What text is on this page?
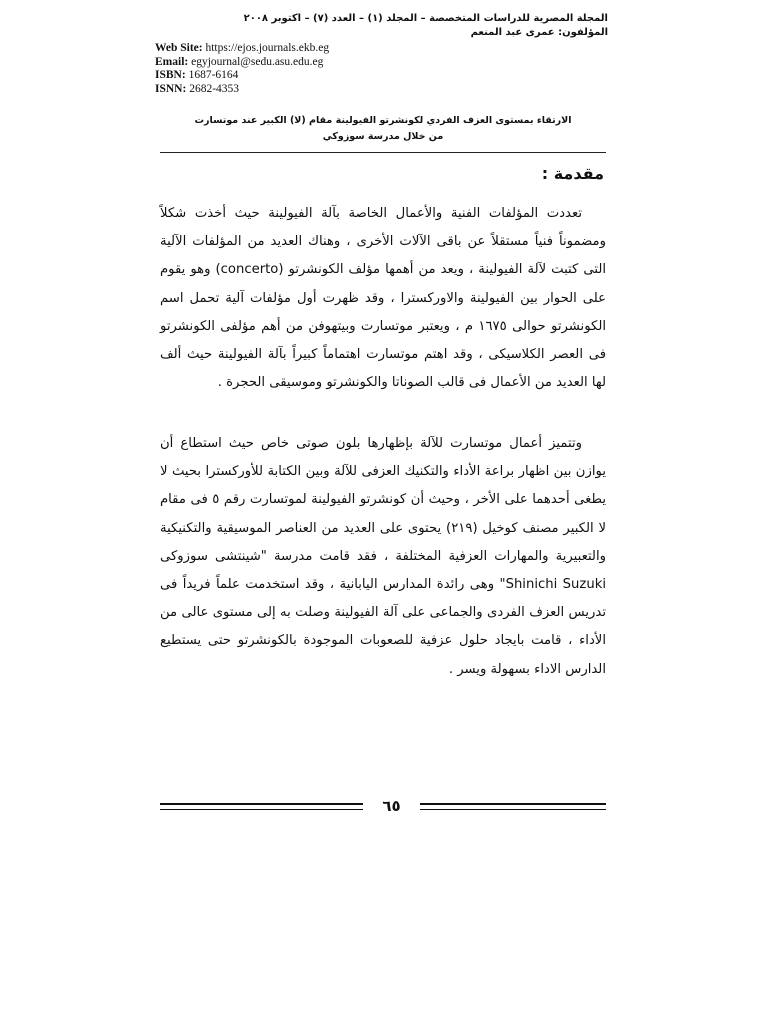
المجلة المصرية للدراسات المتخصصة – المجلد (١) – العدد (٧) – اكتوبر ٢٠٠٨
المؤلفون: عمرى عبد المنعم
Web Site: https://ejos.journals.ekb.eg
Email: egyjournal@sedu.asu.edu.eg
ISBN: 1687-6164
ISNN: 2682-4353
الارتقاء بمستوى العزف الفردي لكونشرتو الفيولينة مقام (لا) الكبير عند موتسارت
من خلال مدرسة سوزوكي
مقدمة :

تعددت المؤلفات الفنية والأعمال الخاصة بآلة الفيولينة حيث أخذت شكلاً ومضموناً فنياً مستقلاً عن باقى الآلات الأخرى ، وهناك العديد من المؤلفات الآلية التى كتبت لآلة الفيولينة ، ويعد من أهمها مؤلف الكونشرتو (concerto) وهو يقوم على الحوار بين الفيولينة والاوركسترا ، وقد ظهرت أول مؤلفات آلية تحمل اسم الكونشرتو حوالى ١٦٧٥ م ، ويعتبر موتسارت وبيتهوفن من أهم مؤلفى الكونشرتو فى العصر الكلاسيكى ، وقد اهتم موتسارت اهتماماً كبيراً بآلة الفيولينة حيث ألف لها العديد من الأعمال فى قالب الصوناتا والكونشرتو وموسيقى الحجرة .

وتتميز أعمال موتسارت للآلة بإظهارها بلون صوتى خاص حيث استطاع أن يوازن بين اظهار براعة الأداء والتكنيك العزفى للآلة وبين الكتابة للأوركسترا بحيث لا يطغى أحدهما على الأخر ، وحيث أن كونشرتو الفيولينة لموتسارت رقم ٥ فى مقام لا الكبير مصنف كوخيل (٢١٩) يحتوى على العديد من العناصر الموسيقية والتكنيكية والتعبيرية والمهارات العزفية المختلفة ، فقد قامت مدرسة "شينتشى سوزوكى Shinichi Suzuki" وهى رائدة المدارس اليابانية ، وقد استخدمت علماً فريداً فى تدريس العزف الفردى والجماعى على آلة الفيولينة وصلت به إلى مستوى عالى من الأداء ، قامت بايجاد حلول عزفية للصعوبات الموجودة بالكونشرتو حتى يستطيع الدارس الاداء بسهولة ويسر .

٦٥
